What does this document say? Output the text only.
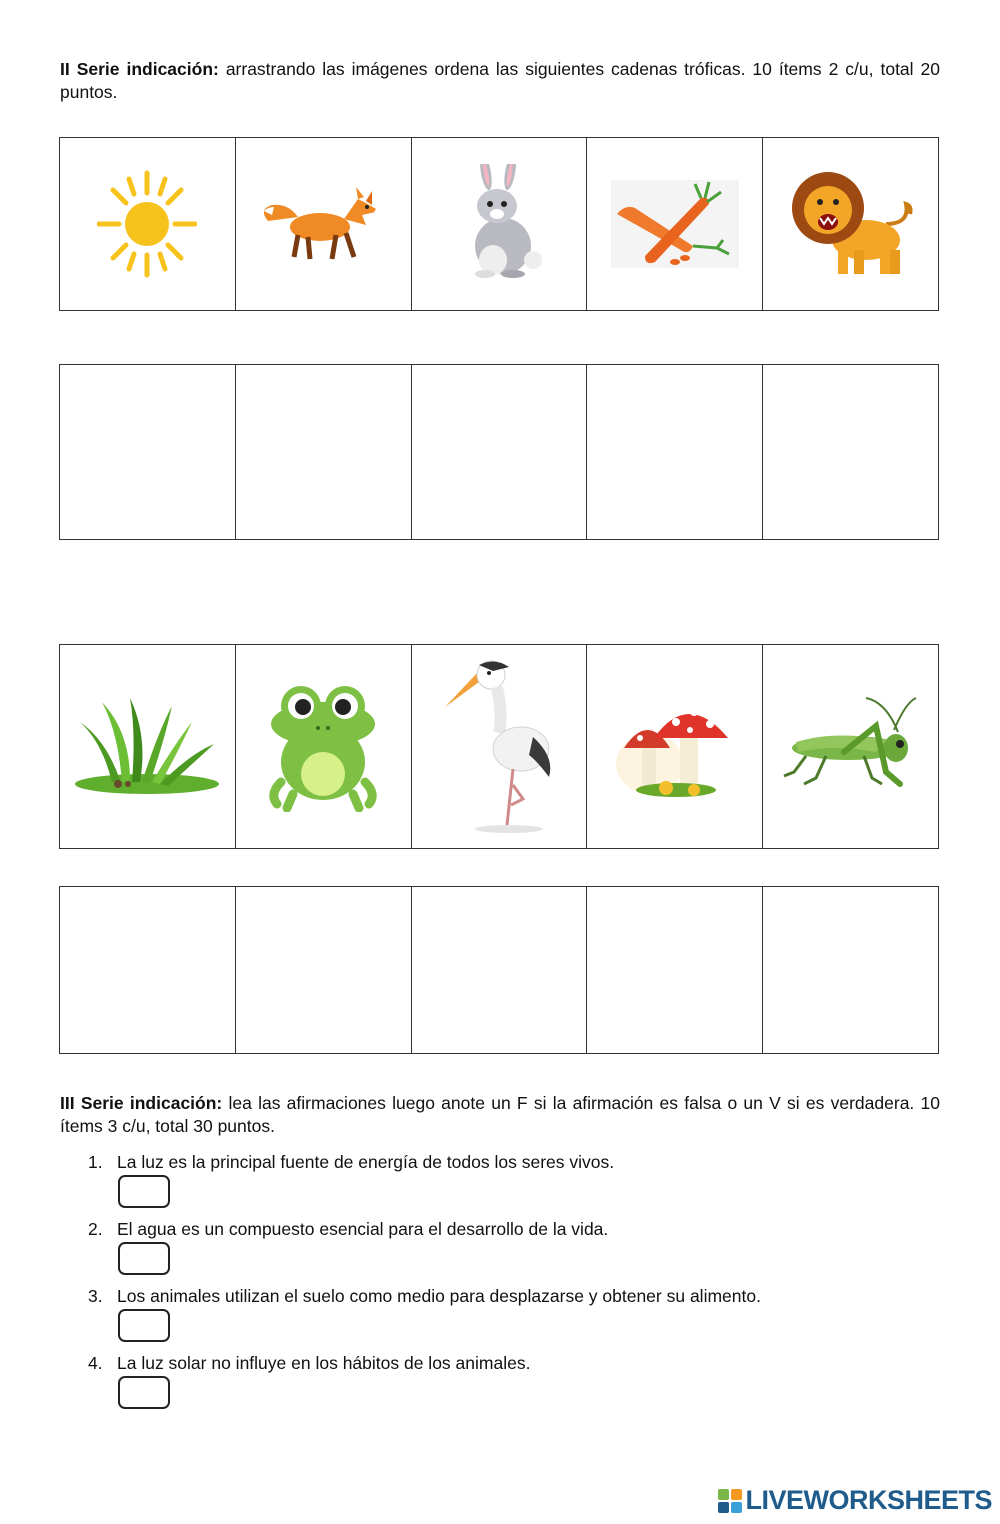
II Serie indicación: arrastrando las imágenes ordena las siguientes cadenas tróficas. 10 ítems 2 c/u, total 20 puntos.

III Serie indicación: lea las afirmaciones luego anote un F si la afirmación es falsa o un V si es verdadera. 10 ítems 3 c/u, total 30 puntos.

1. La luz es la principal fuente de energía de todos los seres vivos.
2. El agua es un compuesto esencial para el desarrollo de la vida.
3. Los animales utilizan el suelo como medio para desplazarse y obtener su alimento.
4. La luz solar no influye en los hábitos de los animales.
LIVEWORKSHEETS
